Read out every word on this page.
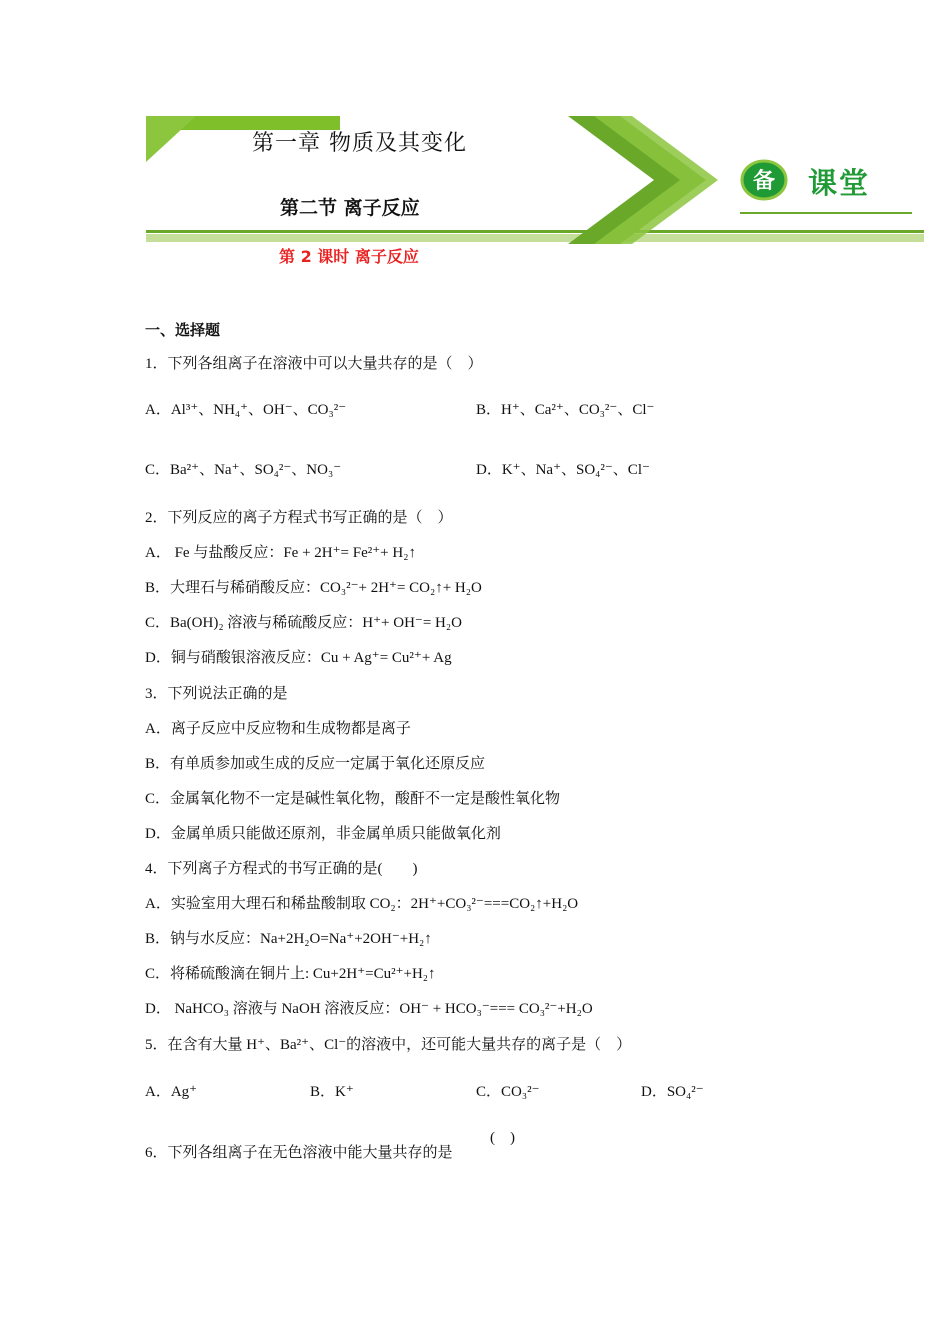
备 课堂
第一章 物质及其变化
第二节 离子反应
第 2 课时 离子反应
一、选择题
1．下列各组离子在溶液中可以大量共存的是（　）
A．Al³⁺、NH₄⁺、OH⁻、CO₃²⁻	B．H⁺、Ca²⁺、CO₃²⁻、Cl⁻
C．Ba²⁺、Na⁺、SO₄²⁻、NO₃⁻	D．K⁺、Na⁺、SO₄²⁻、Cl⁻
2．下列反应的离子方程式书写正确的是（　）
A． Fe 与盐酸反应：Fe + 2H⁺= Fe²⁺+ H₂↑
B．大理石与稀硝酸反应：CO₃²⁻+ 2H⁺= CO₂↑+ H₂O
C．Ba(OH)₂ 溶液与稀硫酸反应：H⁺+ OH⁻= H₂O
D．铜与硝酸银溶液反应：Cu + Ag⁺= Cu²⁺+ Ag
3．下列说法正确的是
A．离子反应中反应物和生成物都是离子
B．有单质参加或生成的反应一定属于氧化还原反应
C．金属氧化物不一定是碱性氧化物，酸酐不一定是酸性氧化物
D．金属单质只能做还原剂，非金属单质只能做氧化剂
4．下列离子方程式的书写正确的是(　　)
A．实验室用大理石和稀盐酸制取 CO₂：2H⁺+CO₃²⁻===CO₂↑+H₂O
B．钠与水反应：Na+2H₂O=Na⁺+2OH⁻+H₂↑
C．将稀硫酸滴在铜片上: Cu+2H⁺=Cu²⁺+H₂↑
D． NaHCO₃ 溶液与 NaOH 溶液反应：OH⁻ + HCO₃⁻=== CO₃²⁻+H₂O
5．在含有大量 H⁺、Ba²⁺、Cl⁻的溶液中，还可能大量共存的离子是（　）
A．Ag⁺	B．K⁺	C．CO₃²⁻	D．SO₄²⁻
6．下列各组离子在无色溶液中能大量共存的是
(　)
